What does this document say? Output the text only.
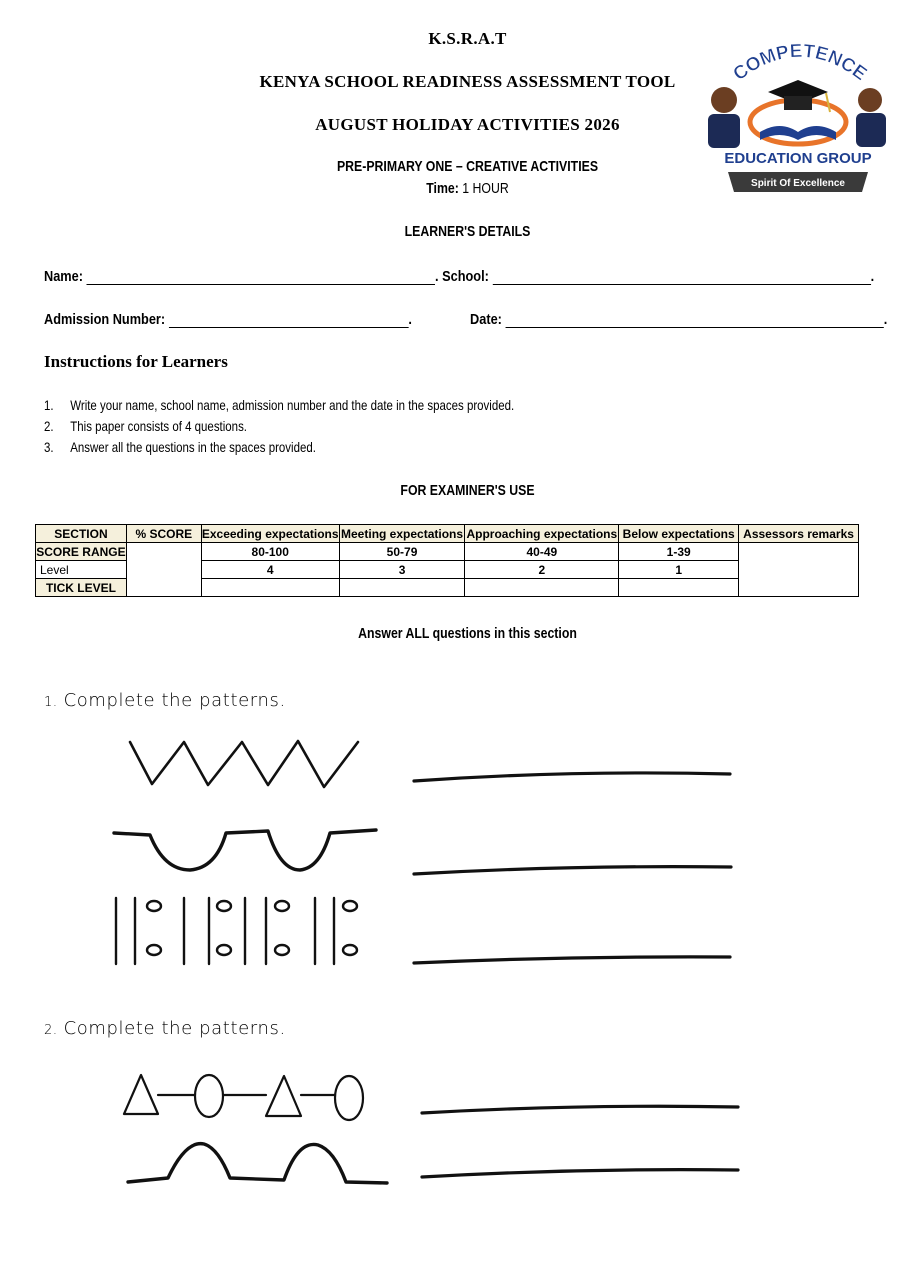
K.S.R.A.T
KENYA SCHOOL READINESS ASSESSMENT TOOL
AUGUST HOLIDAY ACTIVITIES 2026
PRE-PRIMARY ONE – CREATIVE ACTIVITIES
Time: 1 HOUR
COMPETENCE
EDUCATION GROUP
Spirit Of Excellence
LEARNER'S DETAILS
Name:	. School:	.
Admission Number:	.	Date:	.
Instructions for Learners
1. Write your name, school name, admission number and the date in the spaces provided.
2. This paper consists of 4 questions.
3. Answer all the questions in the spaces provided.
FOR EXAMINER'S USE
SECTION	% SCORE	Exceeding expectations	Meeting expectations	Approaching expectations	Below expectations	Assessors remarks
SCORE RANGE		80-100	50-79	40-49	1-39	
Level		4	3	2	1	
TICK LEVEL						
Answer ALL questions in this section
1. Complete the patterns.
2. Complete the patterns.
